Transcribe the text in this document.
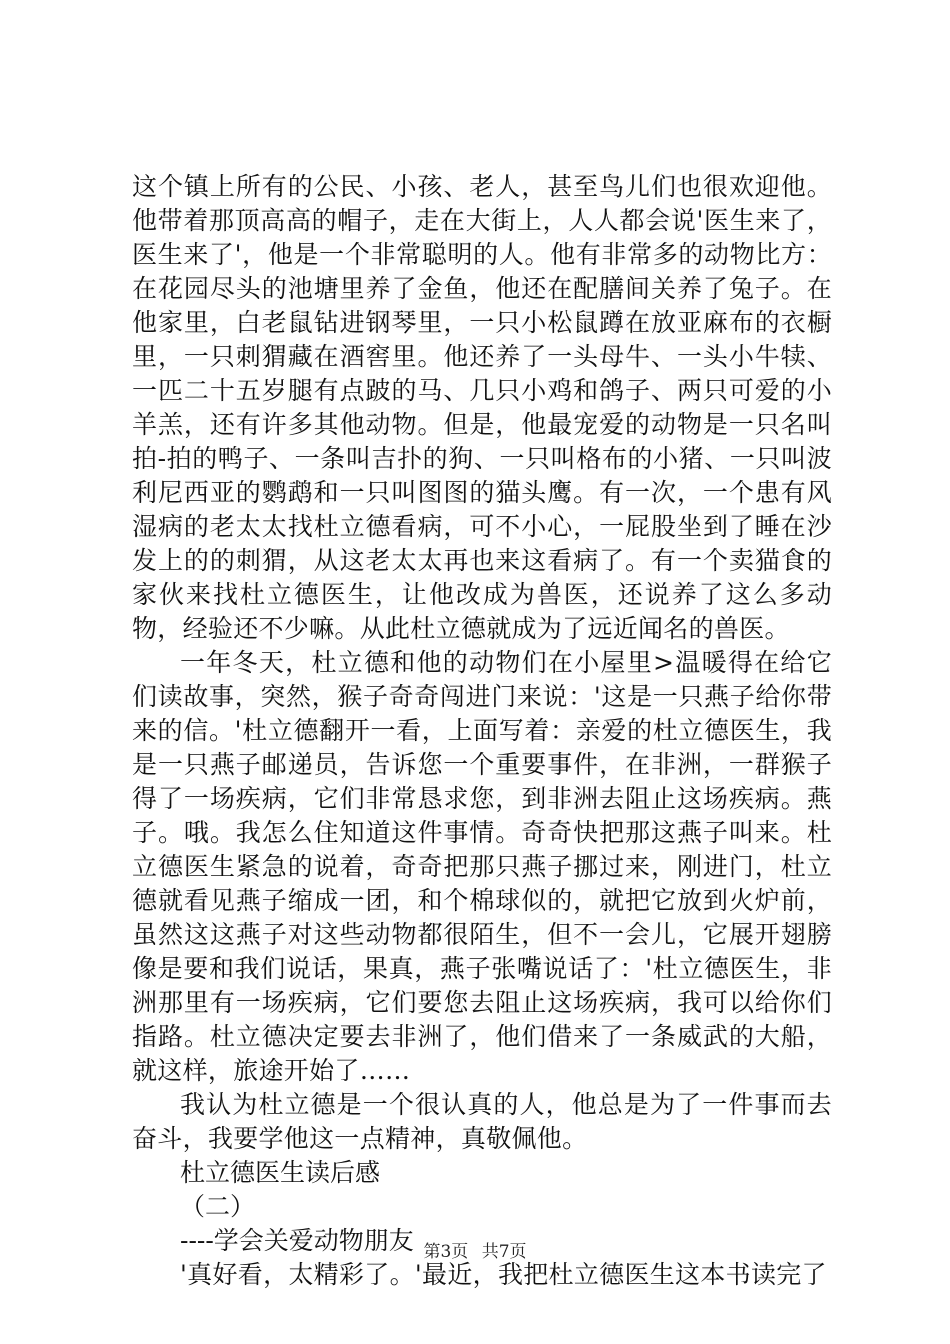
这个镇上所有的公民、小孩、老人，甚至鸟儿们也很欢迎他。他带着那顶高高的帽子，走在大街上，人人都会说'医生来了，医生来了'，他是一个非常聪明的人。他有非常多的动物比方：在花园尽头的池塘里养了金鱼，他还在配膳间关养了兔子。在他家里，白老鼠钻进钢琴里，一只小松鼠蹲在放亚麻布的衣橱里，一只刺猬藏在酒窖里。他还养了一头母牛、一头小牛犊、一匹二十五岁腿有点跛的马、几只小鸡和鸽子、两只可爱的小羊羔，还有许多其他动物。但是，他最宠爱的动物是一只名叫拍-拍的鸭子、一条叫吉扑的狗、一只叫格布的小猪、一只叫波利尼西亚的鹦鹉和一只叫图图的猫头鹰。有一次，一个患有风湿病的老太太找杜立德看病，可不小心，一屁股坐到了睡在沙发上的的刺猬，从这老太太再也来这看病了。有一个卖猫食的家伙来找杜立德医生，让他改成为兽医，还说养了这么多动物，经验还不少嘛。从此杜立德就成为了远近闻名的兽医。

一年冬天，杜立德和他的动物们在小屋里>温暖得在给它们读故事，突然，猴子奇奇闯进门来说：'这是一只燕子给你带来的信。'杜立德翻开一看，上面写着：亲爱的杜立德医生，我是一只燕子邮递员，告诉您一个重要事件，在非洲，一群猴子得了一场疾病，它们非常恳求您，到非洲去阻止这场疾病。燕子。哦。我怎么住知道这件事情。奇奇快把那这燕子叫来。杜立德医生紧急的说着，奇奇把那只燕子挪过来，刚进门，杜立德就看见燕子缩成一团，和个棉球似的，就把它放到火炉前，虽然这这燕子对这些动物都很陌生，但不一会儿，它展开翅膀像是要和我们说话，果真，燕子张嘴说话了：'杜立德医生，非洲那里有一场疾病，它们要您去阻止这场疾病，我可以给你们指路。杜立德决定要去非洲了，他们借来了一条威武的大船，就这样，旅途开始了……

我认为杜立德是一个很认真的人，他总是为了一件事而去奋斗，我要学他这一点精神，真敬佩他。

杜立德医生读后感

（二）

----学会关爱动物朋友

'真好看，太精彩了。'最近，我把杜立德医生这本书读完了

第3页 共7页
